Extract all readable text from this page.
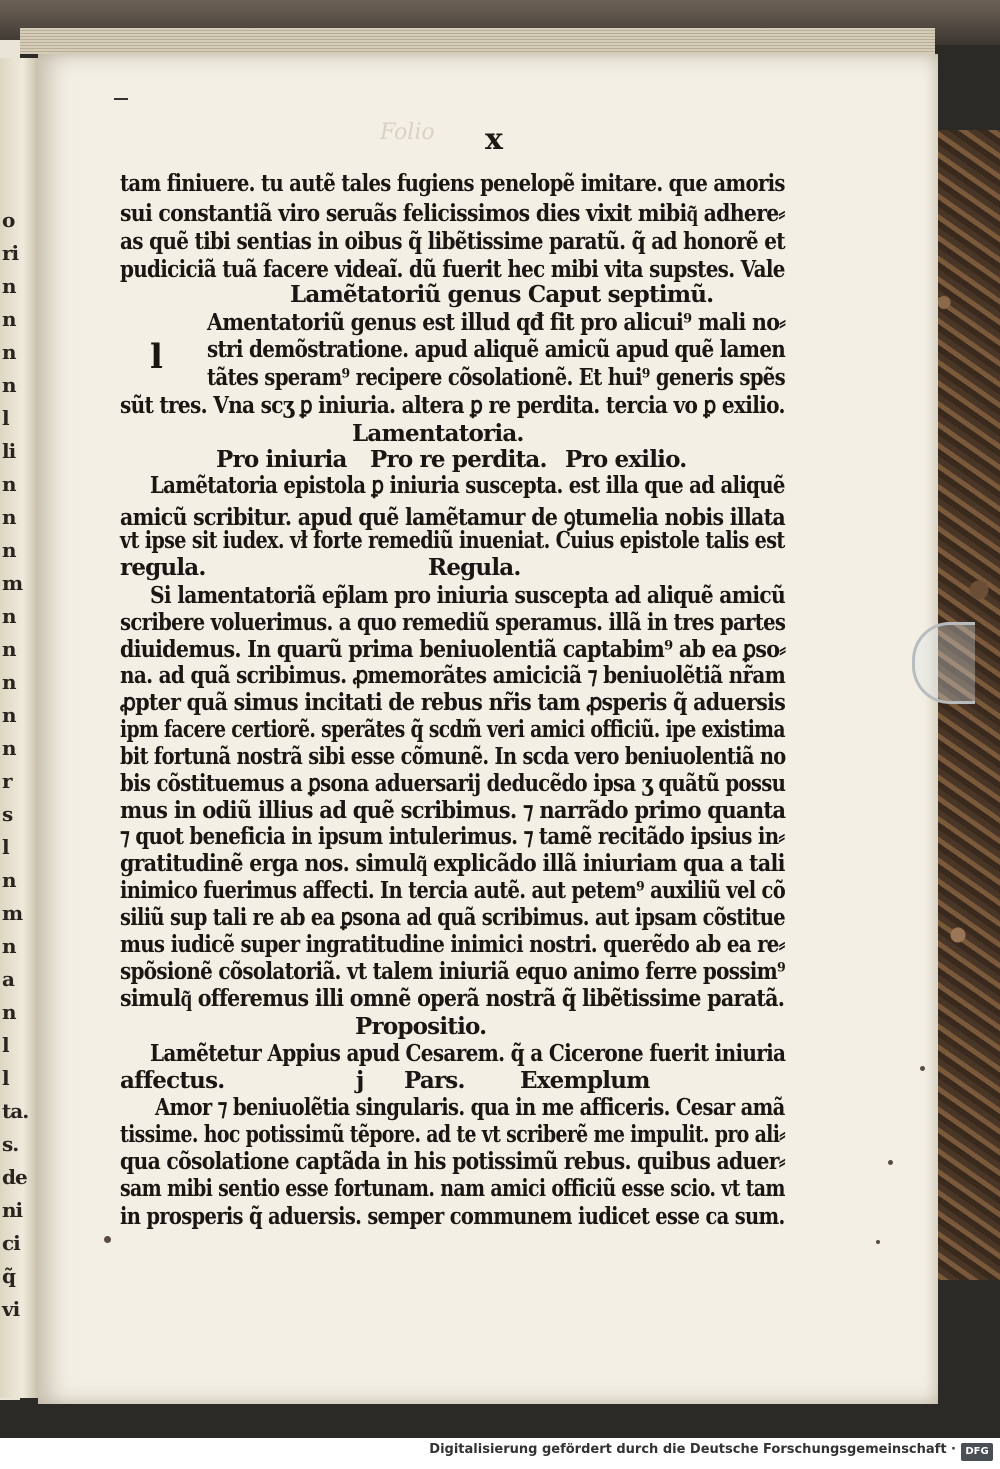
o
ri
n
n
n
n
l
li
n
n
n
m
n
n
n
n
n
r
s
l
n
m
n
a
n
l
l
ta.
s.
de
ni
ci
q̃
vi
Folio x
l
tam finiuere. tu autẽ tales fugiens penelopẽ imitare. que amoris
sui constantiã viro seruãs felicissimos dies vixit mibiq͂ adhere⸗
as quẽ tibi sentias in oibus q̃ libẽtissime paratũ. q̃ ad honorẽ et
pudiciciã tuã facere videaĩ. dũ fuerit hec mibi vita supstes. Vale
Lamẽtatoriũ genus Caput septimũ.
Amentatoriũ genus est illud qđ fit pro alicui⁹ mali no⸗
stri demõstratione. apud aliquẽ amicũ apud quẽ lamen
tãtes speram⁹ recipere cõsolationẽ. Et hui⁹ generis spẽs
sũt tres. Vna scʒ ꝑ iniuria. altera ꝑ re perdita. tercia vo ꝑ exilio.
Lamentatoria.
Pro iniuria Pro re perdita. Pro exilio.
Lamẽtatoria epistola ꝑ iniuria suscepta. est illa que ad aliquẽ
amicũ scribitur. apud quẽ lamẽtamur de ꝯtumelia nobis illata
vt ipse sit iudex. vł forte remediũ inueniat. Cuius epistole talis est
regula.	Regula.
Si lamentatoriã ep̃lam pro iniuria suscepta ad aliquẽ amicũ
scribere voluerimus. a quo remediũ speramus. illã in tres partes
diuidemus. In quarũ prima beniuolentiã captabim⁹ ab ea ꝑso⸗
na. ad quã scribimus. ꝓmemorãtes amiciciã ⁊ beniuolẽtiã nr̃am
ꝓpter quã simus incitati de rebus nr̃is tam ꝓsperis q̃ aduersis
ipm facere certiorẽ. sperãtes q̃ scdm̃ veri amici officiũ. ipe existima
bit fortunã nostrã sibi esse cõmunẽ. In scda vero beniuolentiã no
bis cõstituemus a ꝑsona aduersarij deducẽdo ipsa ʒ quãtũ possu
mus in odiũ illius ad quẽ scribimus. ⁊ narrãdo primo quanta
⁊ quot beneficia in ipsum intulerimus. ⁊ tamẽ recitãdo ipsius in⸗
gratitudinẽ erga nos. simulq͂ explicãdo illã iniuriam qua a tali
inimico fuerimus affecti. In tercia autẽ. aut petem⁹ auxiliũ vel cõ
siliũ sup tali re ab ea ꝑsona ad quã scribimus. aut ipsam cõstitue
mus iudicẽ super ingratitudine inimici nostri. querẽdo ab ea re⸗
spõsionẽ cõsolatoriã. vt talem iniuriã equo animo ferre possim⁹
simulq͂ offeremus illi omnẽ operã nostrã q̃ libẽtissime paratã.
Propositio.
Lamẽtetur Appius apud Cesarem. q̃ a Cicerone fuerit iniuria
affectus.	j Pars. Exemplum
Amor ⁊ beniuolẽtia singularis. qua in me afficeris. Cesar amã
tissime. hoc potissimũ tẽpore. ad te vt scriberẽ me impulit. pro ali⸗
qua cõsolatione captãda in his potissimũ rebus. quibus aduer⸗
sam mibi sentio esse fortunam. nam amici officiũ esse scio. vt tam
in prosperis q̃ aduersis. semper communem iudicet esse ca sum.
Digitalisierung gefördert durch die Deutsche Forschungsgemeinschaft · DFG
